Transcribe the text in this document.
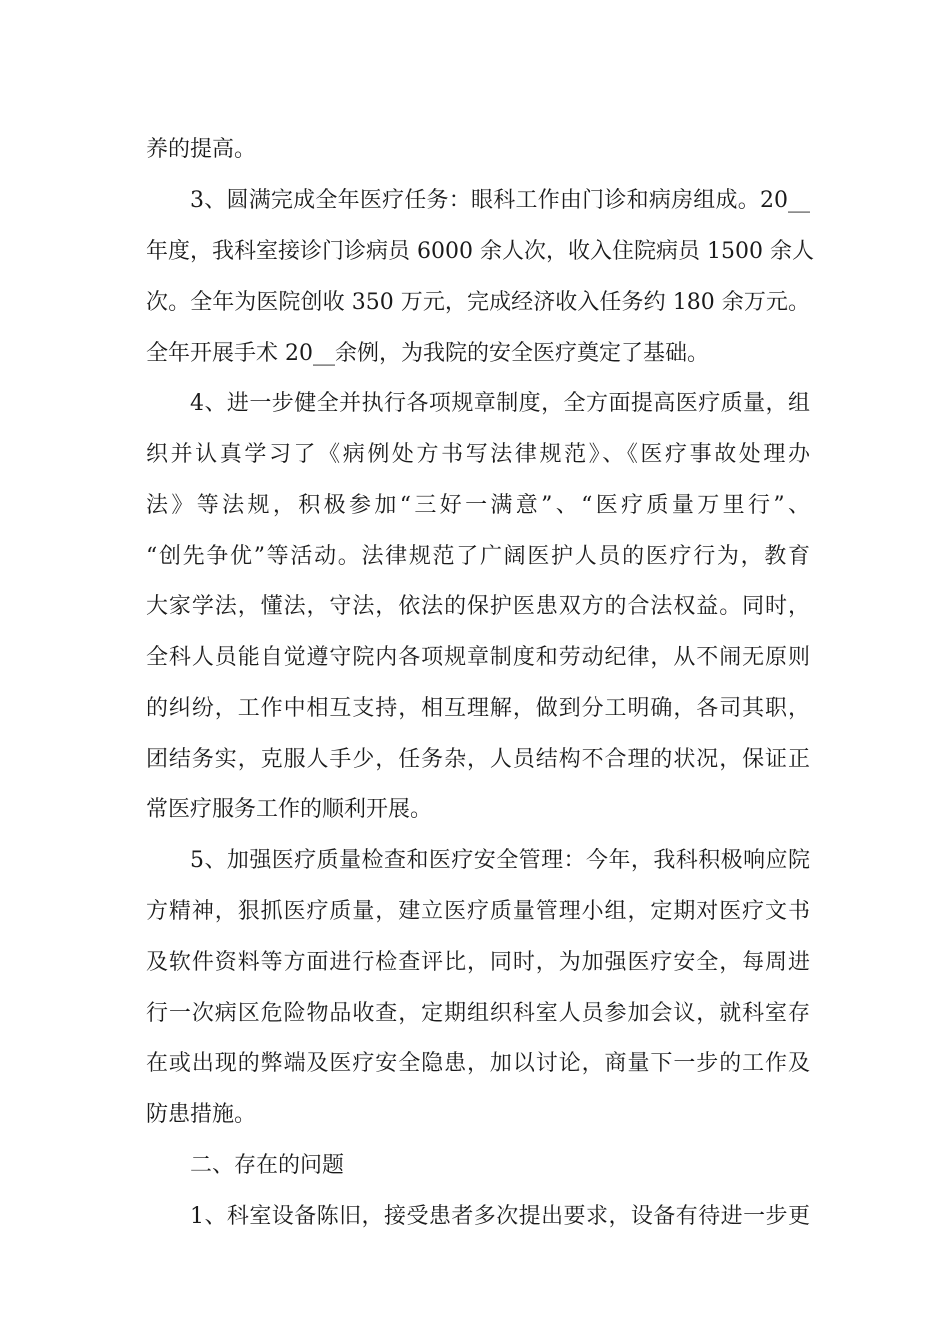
养的提高。
3、圆满完成全年医疗任务：眼科工作由门诊和病房组成。20__
年度，我科室接诊门诊病员 6000 余人次，收入住院病员 1500 余人
次。全年为医院创收 350 万元，完成经济收入任务约 180 余万元。
全年开展手术 20__余例，为我院的安全医疗奠定了基础。
4、进一步健全并执行各项规章制度，全方面提高医疗质量，组
织并认真学习了《病例处方书写法律规范》、《医疗事故处理办
法》等法规，积极参加“三好一满意”、“医疗质量万里行”、
“创先争优”等活动。法律规范了广阔医护人员的医疗行为，教育
大家学法，懂法，守法，依法的保护医患双方的合法权益。同时，
全科人员能自觉遵守院内各项规章制度和劳动纪律，从不闹无原则
的纠纷，工作中相互支持，相互理解，做到分工明确，各司其职，
团结务实，克服人手少，任务杂，人员结构不合理的状况，保证正
常医疗服务工作的顺利开展。
5、加强医疗质量检查和医疗安全管理：今年，我科积极响应院
方精神，狠抓医疗质量，建立医疗质量管理小组，定期对医疗文书
及软件资料等方面进行检查评比，同时，为加强医疗安全，每周进
行一次病区危险物品收查，定期组织科室人员参加会议，就科室存
在或出现的弊端及医疗安全隐患，加以讨论，商量下一步的工作及
防患措施。
二、存在的问题
1、科室设备陈旧，接受患者多次提出要求，设备有待进一步更
